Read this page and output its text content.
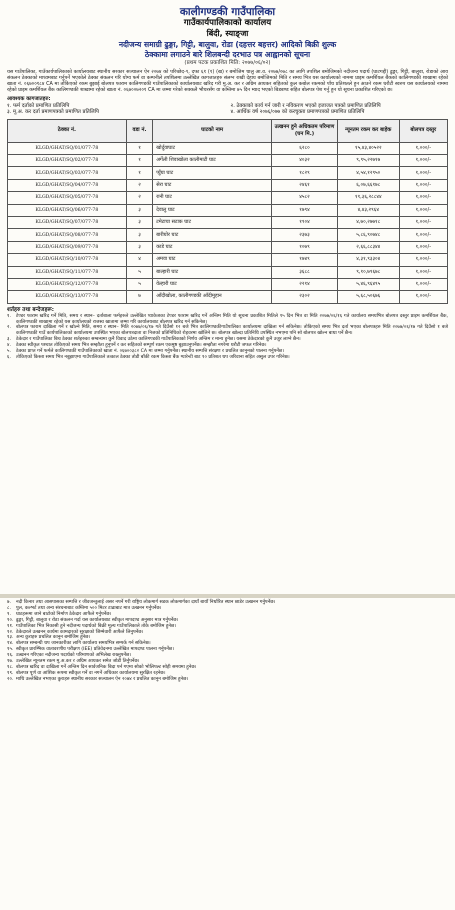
कालीगण्डकी गाउँपालिका
गाउँकार्यपालिकाको कार्यालय
बिंदी, स्याङ्जा
नदीजन्य समाग्री ढुङ्गा, गिट्टी, बालुवा, रोडा (दहत्तर बहत्तर) आदिको बिक्री शुल्क
ठेक्कामा लगाउने बारे शिलबन्दी दरभाउ पत्र आह्वानको सूचना
(प्रथम पटक प्रकाशित मिति: २०७७/०६/०२)
यस गाउँपालिका, गाउँकार्यपालिकाको कार्यालयबाट स्थानीय सरकार सञ्चालन ऐन २०७४ को परिच्छेद-९, दफा ६१ (१) (ख) र बमोजिम चालु आ.व. २०७७/०७८ का लागि तपशिल बमोजिमको नदीजन्य पदार्थ (घाटगद्दी) ढुङ्गा, गिट्टी, बालुवा, रोडाको आय संकलन ठेक्काको माध्यमबाट गर्नुपर्ने भएकोले ठेक्का संकलन गरि योग्य फर्म वा कम्पनीले तपशिलमा उल्लेखित कागजातहरु संलग्न राखी देहाय बमोजिमको मिति र समय भित्र यस कार्यालयको नाममा प्राइम कमर्शियल बैंकको कालिगण्डकी शाखामा रहेको खाता नं. ०६७००१८४ CA मा तोकिएको रकम बुझाई बोलपत्र फाराम कालिगण्डकी गाउँपालिकाको कार्यालयबाट खरिद गरी मु.अ. कर र अग्रिम आयकर सहितको कुल कबोल रकमको पाँच प्रतिशतले हुन आउने रकम धरौटी स्वरुप यस कार्यालयको नाममा रहेको प्राइम कमर्शियल बैंक कालिगण्डकी शाखामा रहेको खाता नं. ०६७००७२०१ CA मा जम्मा गरेको सक्कलै भौचरसँग वा कम्तिमा ७५ दिन म्याद भएको बिडबण्ड सहित बोलपत्र पेश गर्नु हुन यो सूचना प्रकाशित गरिएको छ।
आवश्यक कागजातहरु:
१. फर्म दर्ताको प्रमाणित प्रतिलिपि	२. ठेक्काको कार्य गर्न जारी र नविकरण भएको इजाजत पत्रको प्रमाणित प्रतिलिपि
३. मू.अ. कर दर्ता प्रमाणपत्रको प्रमाणित प्रतिलिपि	४. आर्थिक वर्ष २०७६/०७७ को करचुक्ता प्रमाणपत्रको प्रमाणित प्रतिलिपि
ठेक्का नं.	वडा नं.	घाटको नाम	उत्खनन हुने अधिकतम परिमाण (घन मि.)	न्यूनतम रकम कर बाहेक	बोलपत्र दस्तुर
KLGD/GHAT/SQ/01/077-78	१	खोर्दुवाघाट	६२८०	१५,४३,४०५२२	१,०००/-
KLGD/GHAT/SQ/02/077-78	१	अर्गेली शिवाखोला कालीमाटी घाट	४०३२	९,९५,२२७१७	१,०००/-
KLGD/GHAT/SQ/03/077-78	१	प्युँघा घाट	१८२९	४,५४,१२९५०	१,०००/-
KLGD/GHAT/SQ/04/077-78	२	सेरा घाट	२४६१	६,०७,६६१७८	१,०००/-
KLGD/GHAT/SQ/05/077-78	२	रानी घाट	४५८२	११,३६,२८८४४	१,०००/-
KLGD/GHAT/SQ/06/077-78	३	देवालु घाट	१७९४	४,४३,२९६४	१,०००/-
KLGD/GHAT/SQ/07/077-78	३	टमेटाचा सटाक घाट	१९०४	४,७०,२७७१८	१,०००/-
KLGD/GHAT/SQ/08/077-78	३	बारीघोर घाट	२३७३	५,८६,९०७४८	१,०००/-
KLGD/GHAT/SQ/09/077-78	३	काडे घाट	१०७९	२,६६,८८३४४	१,०००/-
KLGD/GHAT/SQ/10/077-78	४	अमवा घाट	१७४९	४,३१,९३३०४	१,०००/-
KLGD/GHAT/SQ/11/077-78	५	बाल्हारी घाट	३६८८	९,१०,७९६७८	१,०००/-
KLGD/GHAT/SQ/12/077-78	५	वेल्हारी घाट	२२१४	५,४६,९६४९५	१,०००/-
KLGD/GHAT/SQ/13/077-78	७	आँदीखोला, कालीगण्डकी आँदीमुहान	२३०२	५,६८,५०६७६	१,०००/-
शर्तहरु तथा बन्देजहरू:

१.	टेण्डर फाराम खरिद गर्ने मिति, समय र स्थान– दर्ताबाला फर्महरुले उल्लेखित प्याकेजका टेण्डर फाराम खरिद गर्ने अन्तिम मिति यो सूचना प्रकाशित मितिले १५ दिन भित्र वा मिति २०७७/०६/१६ गते कार्यालय समयभित्र बोलपत्र दस्तुर प्राइम कमर्शियल बैंक, कालिगण्डकी शाखामा रहेको यस कार्यालयको राजस्व खातामा जम्मा गरि कार्यालयबाट बोलपत्र खरिद गर्न सकिनेछ।

२.	बोलपत्र फाराम दाखिला गर्ने र खोल्ने मिति, समय र स्थान– मिति २०७७/०६/१७ गते दिउँसो १२ बजे भित्र कालिगण्डकीगाउँपालिका कार्यालयमा दाखिला गर्न सकिनेछ। तोकिएको समय भित्र दर्ता भएका बोलपत्रहरु मिति २०७७/०६/१७ गते दिउँसो १ बजे कालिगण्डकी गाउँ कार्यपालिकाको कार्यालयमा उपस्थित भएका बोलपत्रदाता वा निजको प्रतिनिधिको रोहवरमा खोलिने छ। बोलपत्र खोल्दा प्रतिनिधि उपस्थित नभएमा पनि सो बोलपत्र खोल्न बाधा पर्ने छैन।

३.	ठेकेदार र गाउँपालिका बिच ठेक्का शर्तहरुका सम्बन्धमा कुनै विवाद उठेमा कालिगण्डकी गाउँपालिकाको निर्णय अन्तिम र मान्य हुनेछ। यसमा ठेकेदारको कुनै उजुर लाग्ने छैन।

४.	ठेक्का स्वीकृत पश्चात तोकिएको समय भित्र सम्झौता हुनुपर्ने र कर सहितको सम्पूर्ण रकम एकमुष्ठ बुझाउनुपर्नेछ। सम्झौता नगरेमा धरौटी जफत गरिनेछ।

५.	ठेक्का प्राप्त गर्ने फर्मले कालिगण्डकी गाउँपालिकाको खाता नं. ०६७००३८२ CA मा जम्मा गर्नुपर्नेछ। स्थानीय सम्पत्ति संरक्षण र प्रचलित कानुनको पालना गर्नुपर्नेछ।

६.	तोकिएको किस्ता समय भित्र नबुझाएमा गाउँपालिकाले तत्काल ठेक्का तोडी बाँकी रकम किस्ता बैंक ग्यारेन्टी बाट १० प्रतिशत थप जरिवाना सहित असुल उपर गरिनेछ।

७.	नदी किनार तथा आसपासका सम्पत्ति र जीवजन्तुलाई असर नपर्ने गरी राष्ट्रिय लोकमार्ग सडक लोकमार्गका दायाँ बायाँ निर्धारित स्थान छाडेर उत्खनन गर्नुपर्नेछ।

८.	पुल, कल्भर्ट तथा अन्य संरचनाबाट कम्तिमा ५०० मिटर टाढाबाट मात्र उत्खनन गर्नुपर्नेछ।

९.	घाटहरूमा जाने बाटोको निर्माण ठेकेदार आफैले गर्नुपर्नेछ।

१०. ढुङ्गा, गिट्टी, बालुवा र रोडा संकलन गर्दा यस कार्यालयबाट स्वीकृत मापदण्ड अनुसार मात्र गर्नुपर्नेछ।

११. गाउँपालिका भित्र निकासी हुने नदीजन्य पदार्थको बिक्री मूल्य गाउँपालिकाले तोके बमोजिम हुनेछ।

१२. ठेकेदारले उत्खनन कार्यमा कामदारको सुरक्षाको जिम्मेवारी आफैले लिनुपर्नेछ।

१३. अन्य कुराहरु प्रचलित कानुन बमोजिम हुनेछ।

१४. बोलपत्र सम्बन्धी थप जानकारीका लागि कार्यालय समयभित्र सम्पर्क गर्न सकिनेछ।

१५. स्वीकृत प्रारम्भिक वातावरणीय परीक्षण (IEE) प्रतिवेदनमा उल्लेखित मापदण्ड पालना गर्नुपर्नेछ।

१६. उत्खनन गरिएका नदीजन्य पदार्थको परिमाणको अभिलेख राख्नुपर्नेछ।

१७. उल्लेखित न्यूनतम रकम मु.अ.कर र अग्रिम आयकर समेत जोडी तिर्नुपर्नेछ।

१८. बोलपत्र खरिद वा दाखिला गर्ने अन्तिम दिन सार्वजनिक बिदा पर्न गएमा सोको भोलिपल्ट सोही समयमा हुनेछ।

१९. बोलपत्र पूर्ण वा आंशिक रूपमा स्वीकृत गर्ने वा नगर्ने अधिकार कार्यालयमा सुरक्षित रहनेछ।

२०. माथि उल्लेखित नभएका कुराहरु स्थानीय सरकार सञ्चालन ऐन २०७४ र प्रचलित कानुन बमोजिम हुनेछ।
